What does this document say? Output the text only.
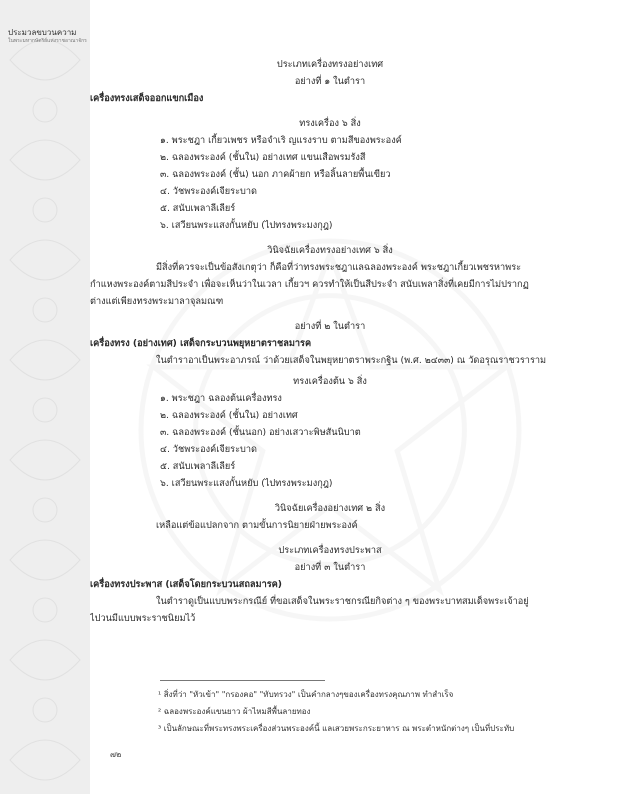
ประมวลขบวนความ
ในพระมหากษัตริย์แห่งราชอาณาจักร
ประเภทเครื่องทรงอย่างเทศ
อย่างที่ ๑ ในตำรา
เครื่องทรงเสด็จออกแขกเมือง
ทรงเครื่อง ๖ สิ่ง
๑. พระชฎา เกี้ยวเพชร หรือจำเริ ญแรงราบ ตามสีของพระองค์
๒. ฉลองพระองค์ (ชั้นใน) อย่างเทศ แขนเสือพรมรังสี
๓. ฉลองพระองค์ (ชั้น) นอก ภาคผ้ายก หรือลิ้นลายพื้นเขียว
๔. วัชพระองค์เจียระบาด
๕. สนับเพลาลีเลียร์
๖. เสวียนพระแสงกั้นหยับ (ไปทรงพระมงกุฎ)
วินิจฉัยเครื่องทรงอย่างเทศ ๖ สิ่ง
มีสิ่งที่ควรจะเป็นข้อสังเกตุว่า ก็คือที่ว่าทรงพระชฎาแลฉลองพระองค์ พระชฎาเกี้ยวเพชรหาพระ
กำแหงพระองค์ตามสีประจำ เพื่อจะเห็นว่าในเวลา เกี้ยวฯ ควรทำให้เป็นสีประจำ สนับเพลาสิ่งที่เคยมีการไม่ปรากฏ
ต่างแต่เพียงทรงพระมาลาจุลมณฑ
อย่างที่ ๒ ในตำรา
เครื่องทรง (อย่างเทศ) เสด็จกระบวนพยุหยาตราชลมารค
ในตำราอาเป็นพระอาภรณ์ ว่าด้วยเสด็จในพยุหยาตราพระกฐิน (พ.ศ. ๒๔๓๓) ณ วัดอรุณราชวราราม
ทรงเครื่องต้น ๖ สิ่ง
๑. พระชฎา ฉลองต้นเครื่องทรง
๒. ฉลองพระองค์ (ชั้นใน) อย่างเทศ
๓. ฉลองพระองค์ (ชั้นนอก) อย่างเสวาะพิษสันนิบาต
๔. วัชพระองค์เจียระบาด
๕. สนับเพลาลีเลียร์
๖. เสวียนพระแสงกั้นหยับ (ไปทรงพระมงกุฎ)
วินิจฉัยเครื่องอย่างเทศ ๒ สิ่ง
เหลือแต่ข้อแปลกจาก ตามขั้นการนิยายฝ่ายพระองค์
ประเภทเครื่องทรงประพาส
อย่างที่ ๓ ในตำรา
เครื่องทรงประพาส (เสด็จโดยกระบวนสถลมารค)
ในตำราดูเป็นแบบพระกรณีย์ ที่ขอเสด็จในพระราชกรณียกิจต่าง ๆ ของพระบาทสมเด็จพระเจ้าอยู่
ไปวนมีแบบพระราชนิยมไว้
¹ สิ่งที่ว่า "หัวเข้า" "กรองคอ" "ทับทรวง" เป็นคำกลางๆของเครื่องทรงคุณภาพ ทำสำเร็จ
² ฉลองพระองค์แขนยาว ผ้าไหมสีพื้นลายทอง
³ เป็นลักษณะที่พระทรงพระเครื่องส่วนพระองค์นี้ แลเสวยพระกระยาหาร ณ พระตำหนักต่างๆ เป็นที่ประทับ
๗๒
